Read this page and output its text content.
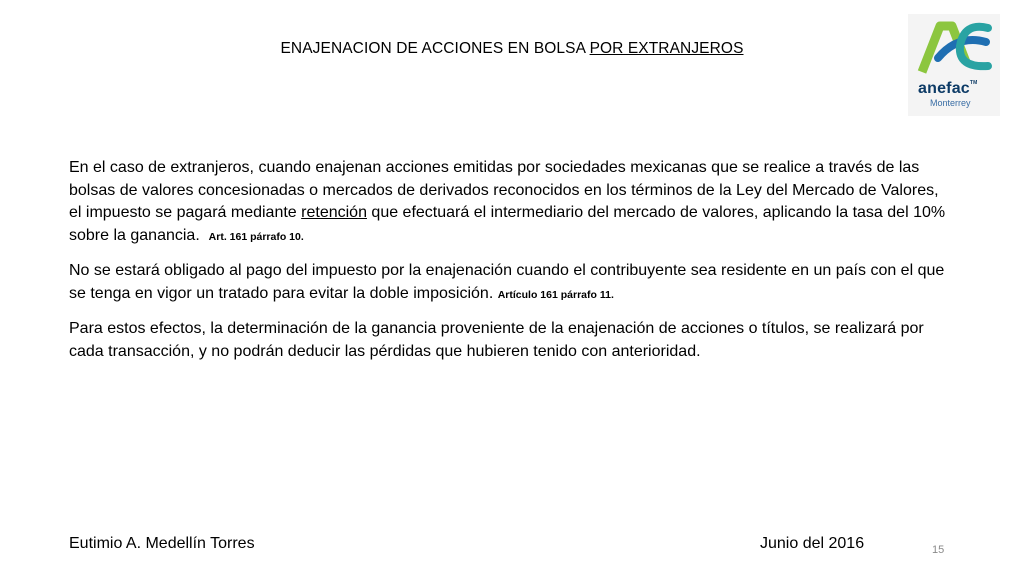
ENAJENACION DE ACCIONES EN BOLSA POR EXTRANJEROS
anefac™
Monterrey

En el caso de extranjeros, cuando enajenan acciones emitidas por sociedades mexicanas que se realice a través de las bolsas de valores concesionadas o mercados de derivados reconocidos en los términos de la Ley del Mercado de Valores, el impuesto se pagará mediante retención que efectuará el intermediario del mercado de valores, aplicando la tasa del 10% sobre la ganancia. Art. 161 párrafo 10.

No se estará obligado al pago del impuesto por la enajenación cuando el contribuyente sea residente en un país con el que se tenga en vigor un tratado para evitar la doble imposición. Artículo 161 párrafo 11.

Para estos efectos, la determinación de la ganancia proveniente de la enajenación de acciones o títulos, se realizará por cada transacción, y no podrán deducir las pérdidas que hubieren tenido con anterioridad.

Eutimio A. Medellín Torres	Junio del 2016	15
